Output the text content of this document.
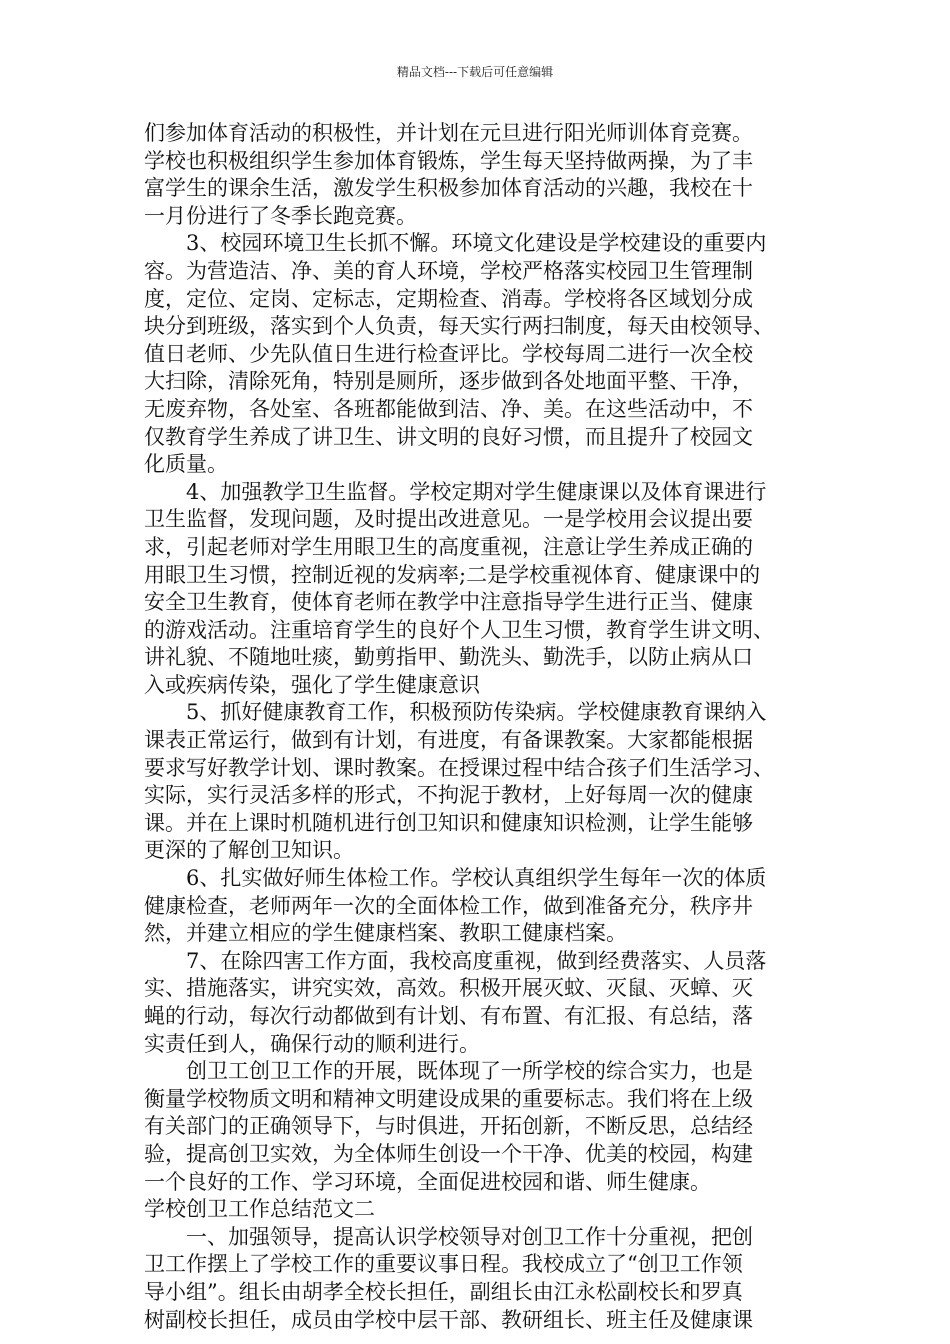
精品文档---下载后可任意编辑
们参加体育活动的积极性，并计划在元旦进行阳光师训体育竞赛。
学校也积极组织学生参加体育锻炼，学生每天坚持做两操，为了丰
富学生的课余生活，激发学生积极参加体育活动的兴趣，我校在十
一月份进行了冬季长跑竞赛。
　　3、校园环境卫生长抓不懈。环境文化建设是学校建设的重要内
容。为营造洁、净、美的育人环境，学校严格落实校园卫生管理制
度，定位、定岗、定标志，定期检查、消毒。学校将各区域划分成
块分到班级，落实到个人负责，每天实行两扫制度，每天由校领导、
值日老师、少先队值日生进行检查评比。学校每周二进行一次全校
大扫除，清除死角，特别是厕所，逐步做到各处地面平整、干净，
无废弃物，各处室、各班都能做到洁、净、美。在这些活动中，不
仅教育学生养成了讲卫生、讲文明的良好习惯，而且提升了校园文
化质量。
　　4、加强教学卫生监督。学校定期对学生健康课以及体育课进行
卫生监督，发现问题，及时提出改进意见。一是学校用会议提出要
求，引起老师对学生用眼卫生的高度重视，注意让学生养成正确的
用眼卫生习惯，控制近视的发病率;二是学校重视体育、健康课中的
安全卫生教育，使体育老师在教学中注意指导学生进行正当、健康
的游戏活动。注重培育学生的良好个人卫生习惯，教育学生讲文明、
讲礼貌、不随地吐痰，勤剪指甲、勤洗头、勤洗手，以防止病从口
入或疾病传染，强化了学生健康意识
　　5、抓好健康教育工作，积极预防传染病。学校健康教育课纳入
课表正常运行，做到有计划，有进度，有备课教案。大家都能根据
要求写好教学计划、课时教案。在授课过程中结合孩子们生活学习、
实际，实行灵活多样的形式，不拘泥于教材，上好每周一次的健康
课。并在上课时机随机进行创卫知识和健康知识检测，让学生能够
更深的了解创卫知识。
　　6、扎实做好师生体检工作。学校认真组织学生每年一次的体质
健康检查，老师两年一次的全面体检工作，做到准备充分，秩序井
然，并建立相应的学生健康档案、教职工健康档案。
　　7、在除四害工作方面，我校高度重视，做到经费落实、人员落
实、措施落实，讲究实效，高效。积极开展灭蚊、灭鼠、灭蟑、灭
蝇的行动，每次行动都做到有计划、有布置、有汇报、有总结，落
实责任到人，确保行动的顺利进行。
　　创卫工创卫工作的开展，既体现了一所学校的综合实力，也是
衡量学校物质文明和精神文明建设成果的重要标志。我们将在上级
有关部门的正确领导下，与时俱进，开拓创新，不断反思，总结经
验，提高创卫实效，为全体师生创设一个干净、优美的校园，构建
一个良好的工作、学习环境，全面促进校园和谐、师生健康。
学校创卫工作总结范文二
　　一、加强领导，提高认识学校领导对创卫工作十分重视，把创
卫工作摆上了学校工作的重要议事日程。我校成立了“创卫工作领
导小组”。组长由胡孝全校长担任，副组长由江永松副校长和罗真
树副校长担任，成员由学校中层干部、教研组长、班主任及健康课
